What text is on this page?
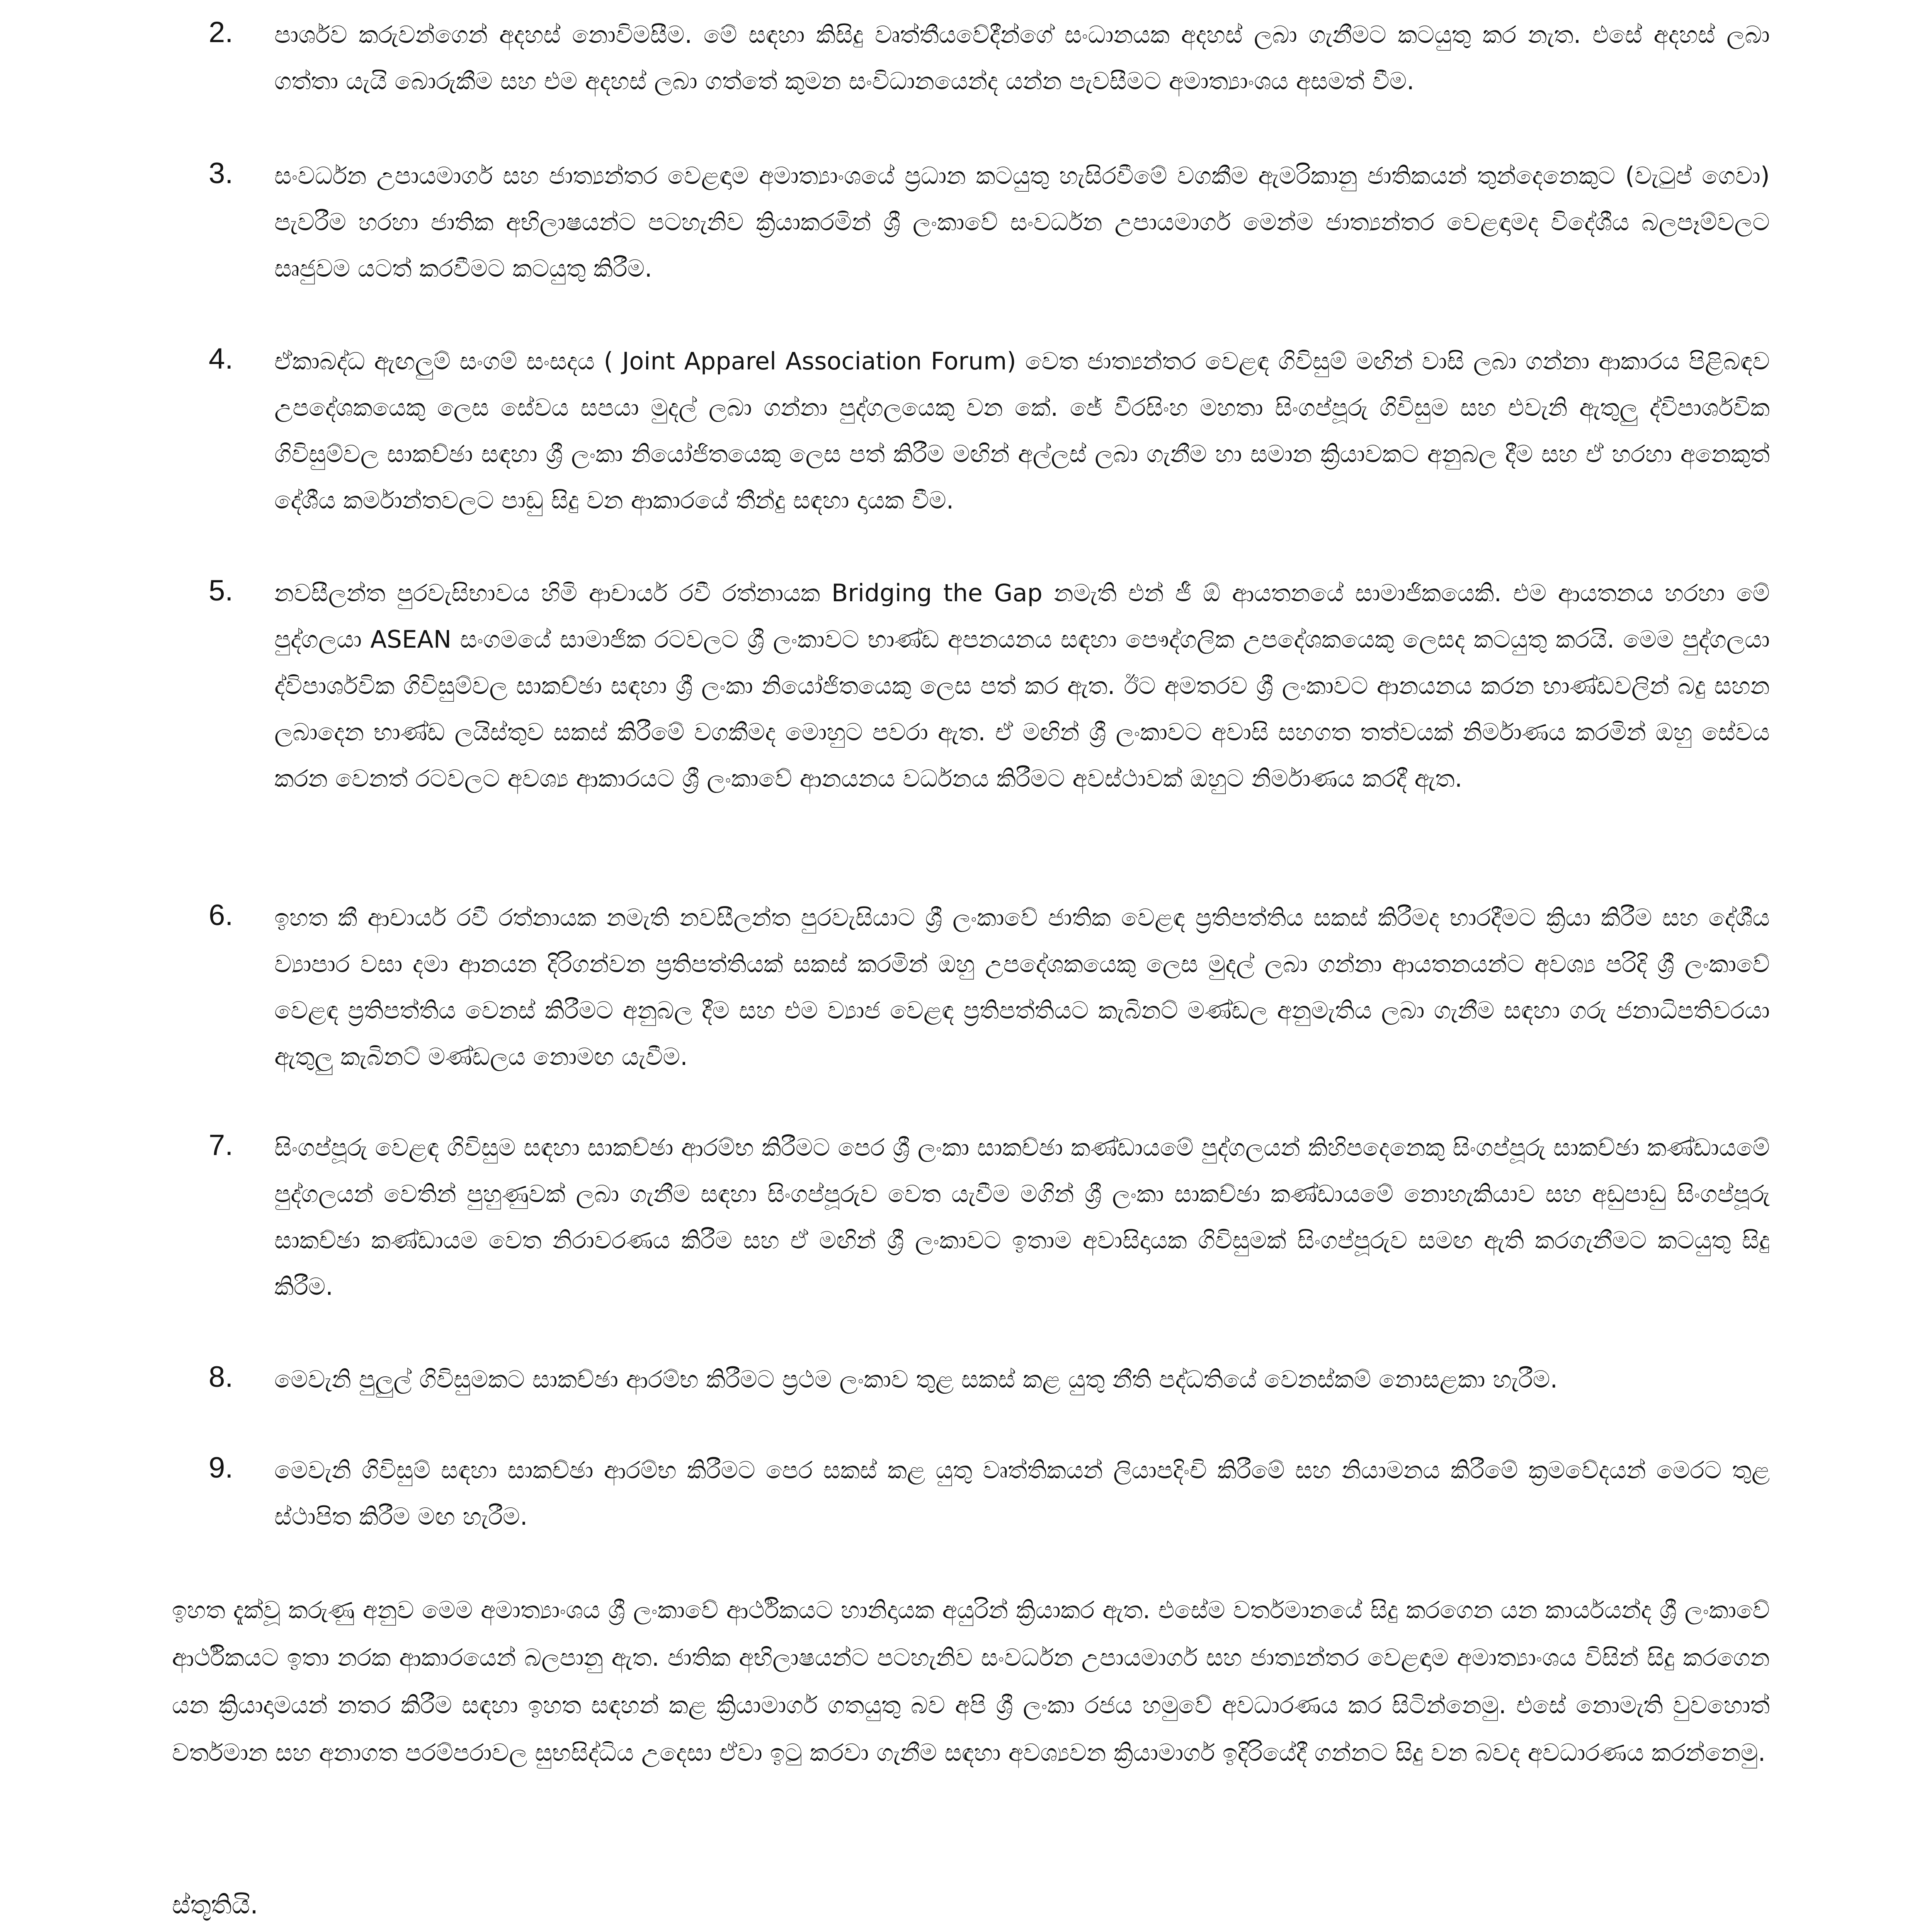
2. පාර්ශව කරුවන්ගෙන් අදහස් නොවිමසීම. මේ සඳහා කිසිදු වෘත්තීයවේදීන්ගේ සංධානයක අදහස් ලබා ගැනීමට කටයුතු කර නැත. එසේ අදහස් ලබා ගත්තා යැයි බොරුකීම සහ එම අදහස් ලබා ගත්තේ කුමන සංවිධානයෙන්ද යන්න පැවසීමට අමාත්‍යාංශය අසමත් වීම.
3. සංවර්ධන උපායමාර්ග සහ ජාත්‍යන්තර වෙළඳාම අමාත්‍යාංශයේ ප්‍රධාන කටයුතු හැසිරවීමේ වගකීම ඇමරිකානු ජාතිකයන් තුන්දෙනෙකුට (වැටුප් ගෙවා) පැවරීම හරහා ජාතික අභිලාෂයන්ට පටහැනිව ක්‍රියාකරමින් ශ්‍රී ලංකාවේ සංවර්ධන උපායමාර්ග මෙන්ම ජාත්‍යන්තර වෙළඳාමද විදේශීය බලපෑම්වලට සෘජුවම යටත් කරවීමට කටයුතු කිරීම.
4. ඒකාබද්ධ ඇඟලුම් සංගම් සංසදය ( Joint Apparel Association Forum) වෙත ජාත්‍යන්තර වෙළඳ ගිවිසුම් මඟින් වාසි ලබා ගන්නා ආකාරය පිළිබඳව උපදේශකයෙකු ලෙස සේවය සපයා මුදල් ලබා ගන්නා පුද්ගලයෙකු වන කේ. ජේ වීරසිංහ මහතා සිංගප්පූරු ගිවිසුම සහ එවැනි ඇතුලු ද්විපාර්ශවික ගිවිසුම්වල සාකච්ඡා සඳහා ශ්‍රී ලංකා නියෝජිතයෙකු ලෙස පත් කිරීම මඟින් අල්ලස් ලබා ගැනීම හා සමාන ක්‍රියාවකට අනුබල දීම සහ ඒ හරහා අනෙකුත් දේශීය කර්මාන්තවලට පාඩු සිදු වන ආකාරයේ තීන්දු සඳහා දායක වීම.
5. නවසීලන්ත පුරවැසිභාවය හිමි ආචාර්ය රවී රත්නායක Bridging the Gap නමැති එන් ජී ඕ ආයතනයේ සාමාජිකයෙකි. එම ආයතනය හරහා මේ පුද්ගලයා ASEAN සංගමයේ සාමාජික රටවලට ශ්‍රී ලංකාවට භාණ්ඩ අපනයනය සඳහා පෞද්ගලික උපදේශකයෙකු ලෙසද කටයුතු කරයි. මෙම පුද්ගලයා ද්විපාර්ශවික ගිවිසුම්වල සාකච්ඡා සඳහා ශ්‍රී ලංකා නියෝජිතයෙකු ලෙස පත් කර ඇත. ඊට අමතරව ශ්‍රී ලංකාවට ආනයනය කරන භාණ්ඩවලින් බදු සහන ලබාදෙන භාණ්ඩ ලයිස්තුව සකස් කිරීමේ වගකීමද මොහුට පවරා ඇත. ඒ මඟින් ශ්‍රී ලංකාවට අවාසි සහගත තත්වයක් නිර්මාණය කරමින් ඔහු සේවය කරන වෙනත් රටවලට අවශ්‍ය ආකාරයට ශ්‍රී ලංකාවේ ආනයනය වර්ධනය කිරීමට අවස්ථාවක් ඔහුට නිර්මාණය කරදී ඇත.
6. ඉහත කී ආචාර්ය රවී රත්නායක නමැති නවසීලන්ත පුරවැසියාට ශ්‍රී ලංකාවේ ජාතික වෙළඳ ප්‍රතිපත්තිය සකස් කිරීමද භාරදීමට ක්‍රියා කිරීම සහ දේශීය ව්‍යාපාර වසා දමා ආනයන දිරිගන්වන ප්‍රතිපත්තියක් සකස් කරමින් ඔහු උපදේශකයෙකු ලෙස මුදල් ලබා ගන්නා ආයතනයන්ට අවශ්‍ය පරිදි ශ්‍රී ලංකාවේ වෙළඳ ප්‍රතිපත්තිය වෙනස් කිරීමට අනුබල දීම සහ එම ව්‍යාජ වෙළඳ ප්‍රතිපත්තියට කැබිනට් මණ්ඩල අනුමැතිය ලබා ගැනීම සඳහා ගරු ජනාධිපතිවරයා ඇතුලු කැබිනට් මණ්ඩලය නොමඟ යැවීම.
7. සිංගප්පූරු වෙළඳ ගිවිසුම සඳහා සාකච්ඡා ආරම්භ කිරීමට පෙර ශ්‍රී ලංකා සාකච්ඡා කණ්ඩායමේ පුද්ගලයන් කිහිපදෙනෙකු සිංගප්පූරු සාකච්ඡා කණ්ඩායමේ පුද්ගලයන් වෙතින් පුහුණුවක් ලබා ගැනීම සඳහා සිංගප්පූරුව වෙත යැවීම මගින් ශ්‍රී ලංකා සාකච්ඡා කණ්ඩායමේ නොහැකියාව සහ අඩුපාඩු සිංගප්පූරු සාකච්ඡා කණ්ඩායම වෙත නිරාවරණය කිරීම සහ ඒ මඟින් ශ්‍රී ලංකාවට ඉතාම අවාසිදායක ගිවිසුමක් සිංගප්පූරුව සමඟ ඇති කරගැනීමට කටයුතු සිදු කිරීම.
8. මෙවැනි පුලුල් ගිවිසුමකට සාකච්ඡා ආරම්භ කිරීමට ප්‍රථම ලංකාව තුළ සකස් කළ යුතු නීති පද්ධතියේ වෙනස්කම් නොසළකා හැරීම.
9. මෙවැනි ගිවිසුම් සඳහා සාකච්ඡා ආරම්භ කිරීමට පෙර සකස් කළ යුතු වෘත්තිකයන් ලියාපදිංචි කිරීමේ සහ නියාමනය කිරීමේ ක්‍රමවේදයන් මෙරට තුළ ස්ථාපිත කිරීම මඟ හැරීම.
ඉහත දැක්වූ කරුණු අනුව මෙම අමාත්‍යාංශය ශ්‍රී ලංකාවේ ආර්ථිකයට හානිදායක අයුරින් ක්‍රියාකර ඇත. එසේම වර්තමානයේ සිදු කරගෙන යන කාර්යයන්ද ශ්‍රී ලංකාවේ ආර්ථිකයට ඉතා නරක ආකාරයෙන් බලපානු ඇත. ජාතික අභිලාෂයන්ට පටහැනිව සංවර්ධන උපායමාර්ග සහ ජාත්‍යන්තර වෙළඳාම අමාත්‍යාංශය විසින් සිදු කරගෙන යන ක්‍රියාදාමයන් නතර කිරීම සඳහා ඉහත සඳහන් කළ ක්‍රියාමාර්ග ගතයුතු බව අපි ශ්‍රී ලංකා රජය හමුවේ අවධාරණය කර සිටින්නෙමු. එසේ නොමැති වුවහොත් වර්තමාන සහ අනාගත පරම්පරාවල සුභසිද්ධිය උදෙසා ඒවා ඉටු කරවා ගැනීම සඳහා අවශ්‍යවන ක්‍රියාමාර්ග ඉදිරියේදී ගන්නට සිදු වන බවද අවධාරණය කරන්නෙමු.
ස්තූතියි.
